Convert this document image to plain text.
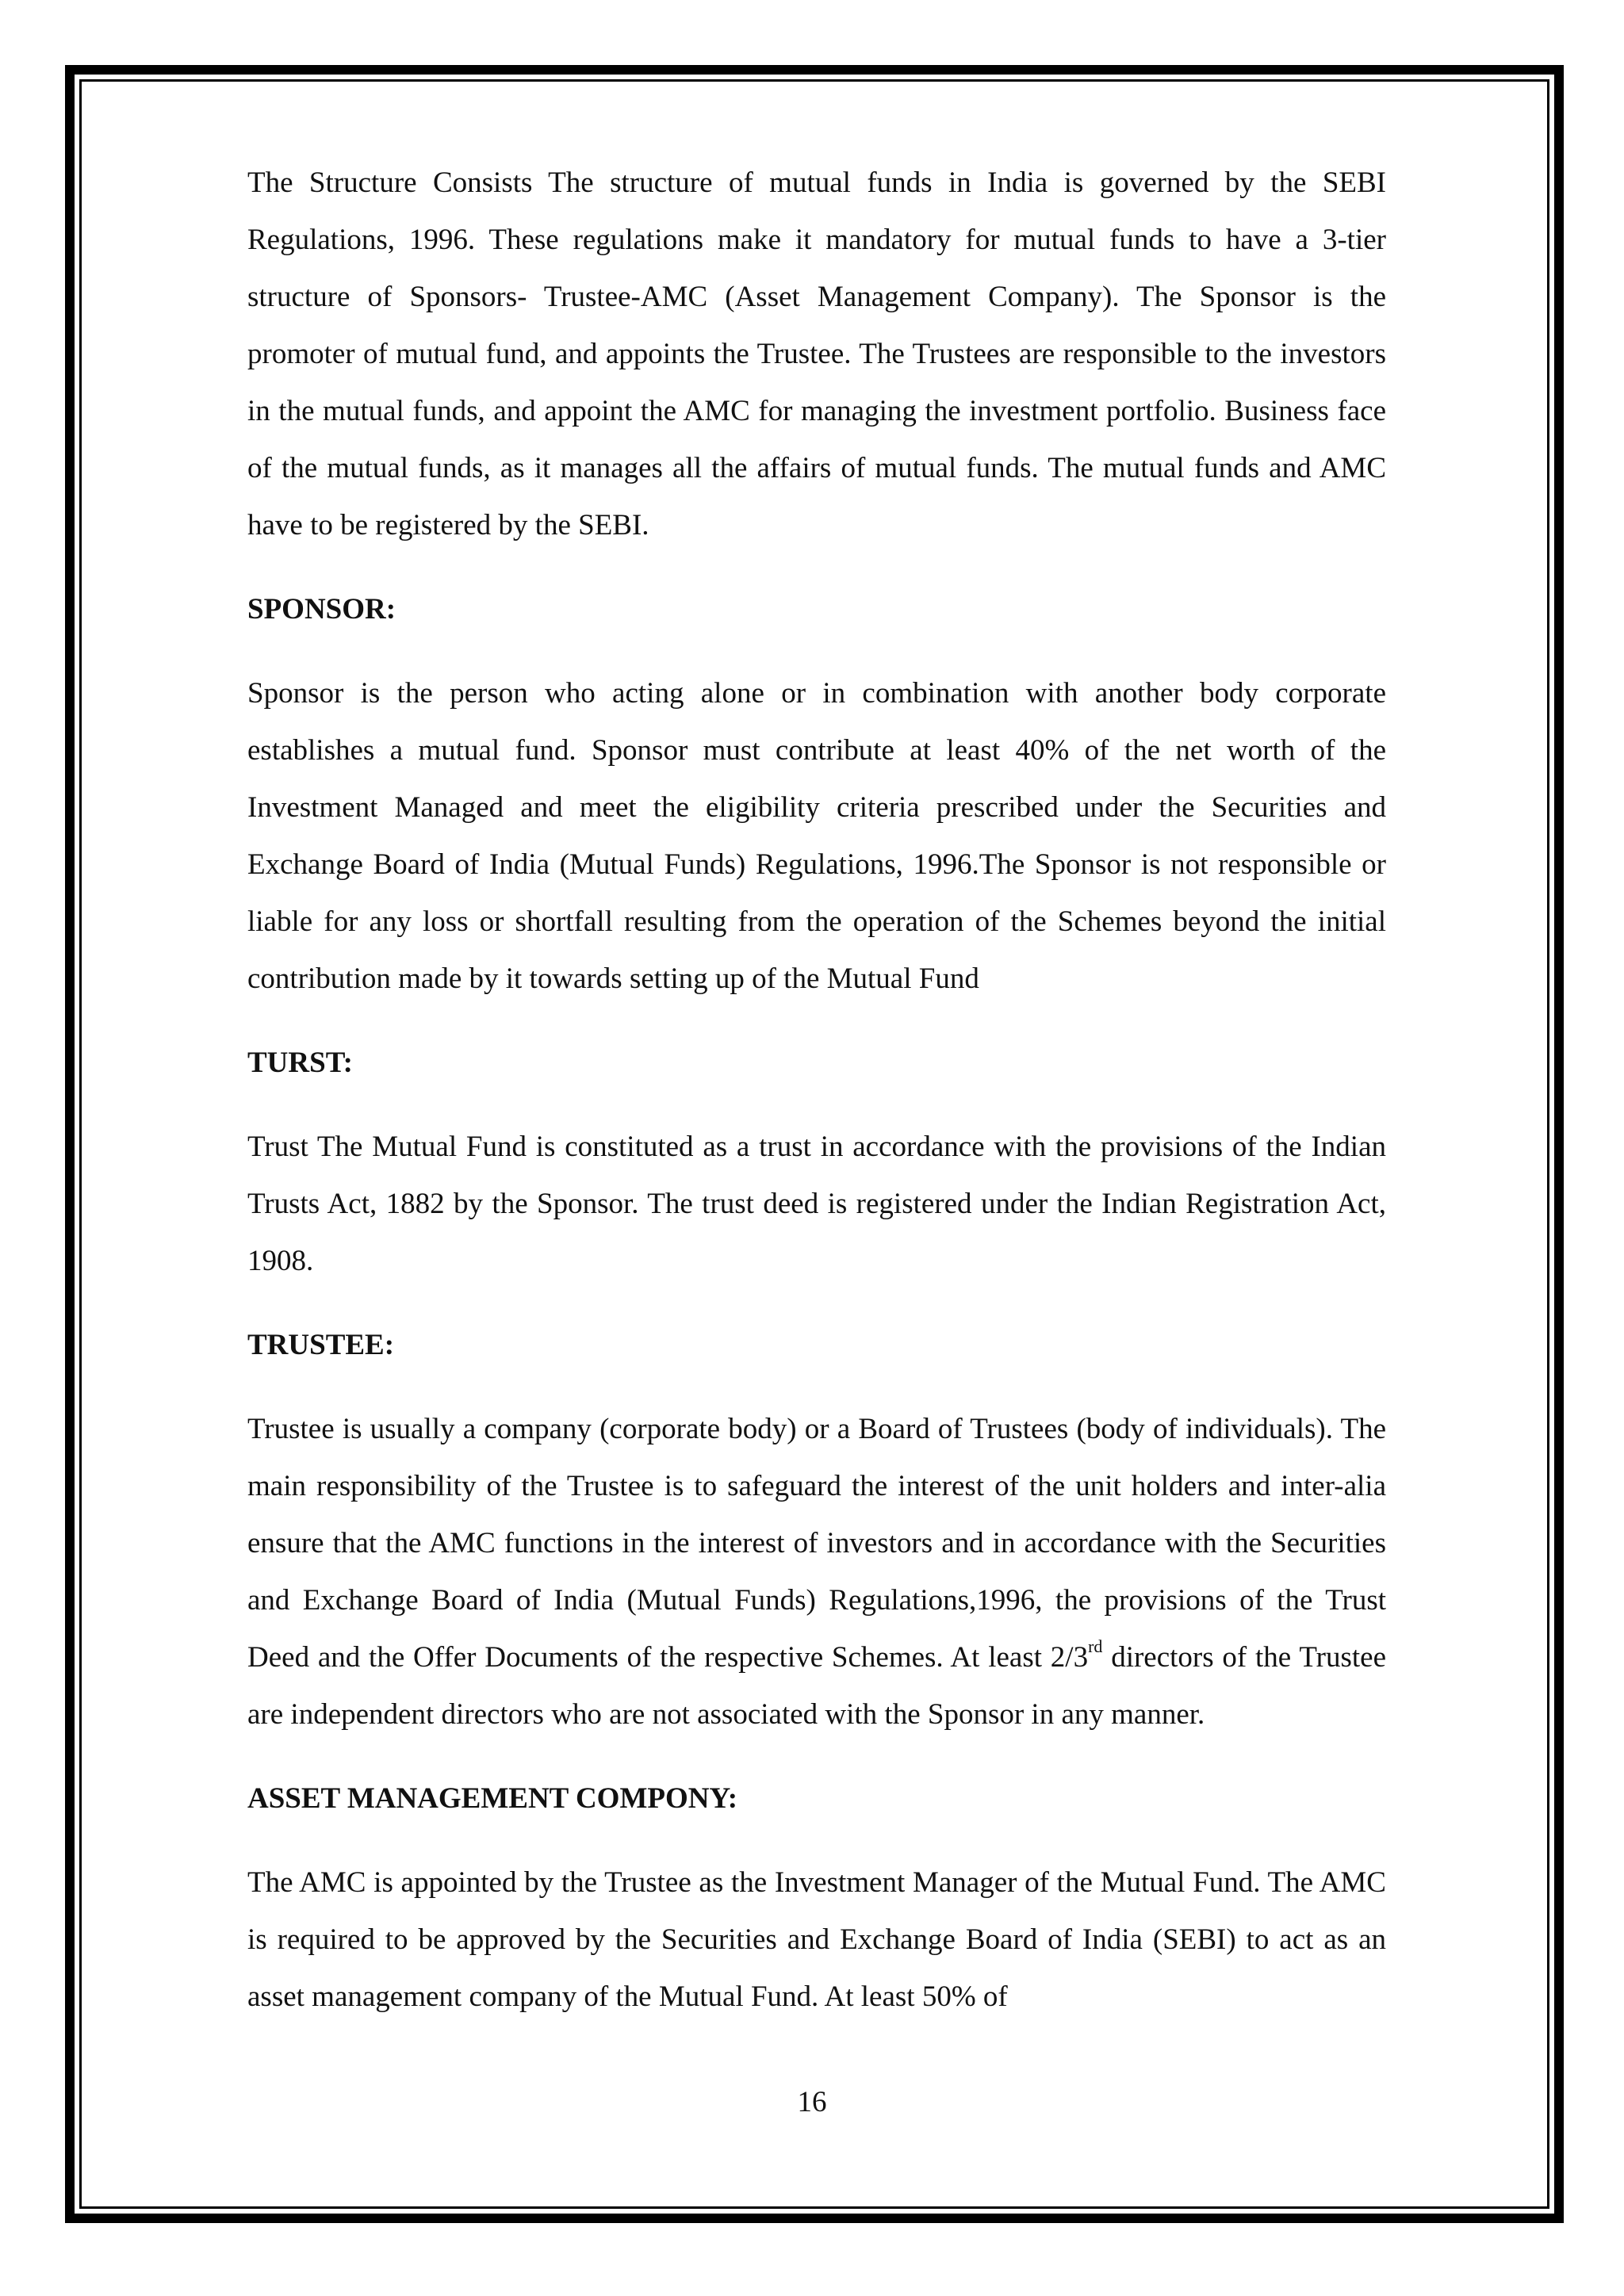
The Structure Consists The structure of mutual funds in India is governed by the SEBI Regulations, 1996. These regulations make it mandatory for mutual funds to have a 3-tier structure of Sponsors- Trustee-AMC (Asset Management Company). The Sponsor is the promoter of mutual fund, and appoints the Trustee. The Trustees are responsible to the investors in the mutual funds, and appoint the AMC for managing the investment portfolio. Business face of the mutual funds, as it manages all the affairs of mutual funds. The mutual funds and AMC have to be registered by the SEBI.

SPONSOR:

Sponsor is the person who acting alone or in combination with another body corporate establishes a mutual fund. Sponsor must contribute at least 40% of the net worth of the Investment Managed and meet the eligibility criteria prescribed under the Securities and Exchange Board of India (Mutual Funds) Regulations, 1996.The Sponsor is not responsible or liable for any loss or shortfall resulting from the operation of the Schemes beyond the initial contribution made by it towards setting up of the Mutual Fund

TURST:

Trust The Mutual Fund is constituted as a trust in accordance with the provisions of the Indian Trusts Act, 1882 by the Sponsor. The trust deed is registered under the Indian Registration Act, 1908.

TRUSTEE:

Trustee is usually a company (corporate body) or a Board of Trustees (body of individuals). The main responsibility of the Trustee is to safeguard the interest of the unit holders and inter-alia ensure that the AMC functions in the interest of investors and in accordance with the Securities and Exchange Board of India (Mutual Funds) Regulations,1996, the provisions of the Trust Deed and the Offer Documents of the respective Schemes. At least 2/3rd directors of the Trustee are independent directors who are not associated with the Sponsor in any manner.

ASSET MANAGEMENT COMPONY:

The AMC is appointed by the Trustee as the Investment Manager of the Mutual Fund. The AMC is required to be approved by the Securities and Exchange Board of India (SEBI) to act as an asset management company of the Mutual Fund. At least 50% of

16
